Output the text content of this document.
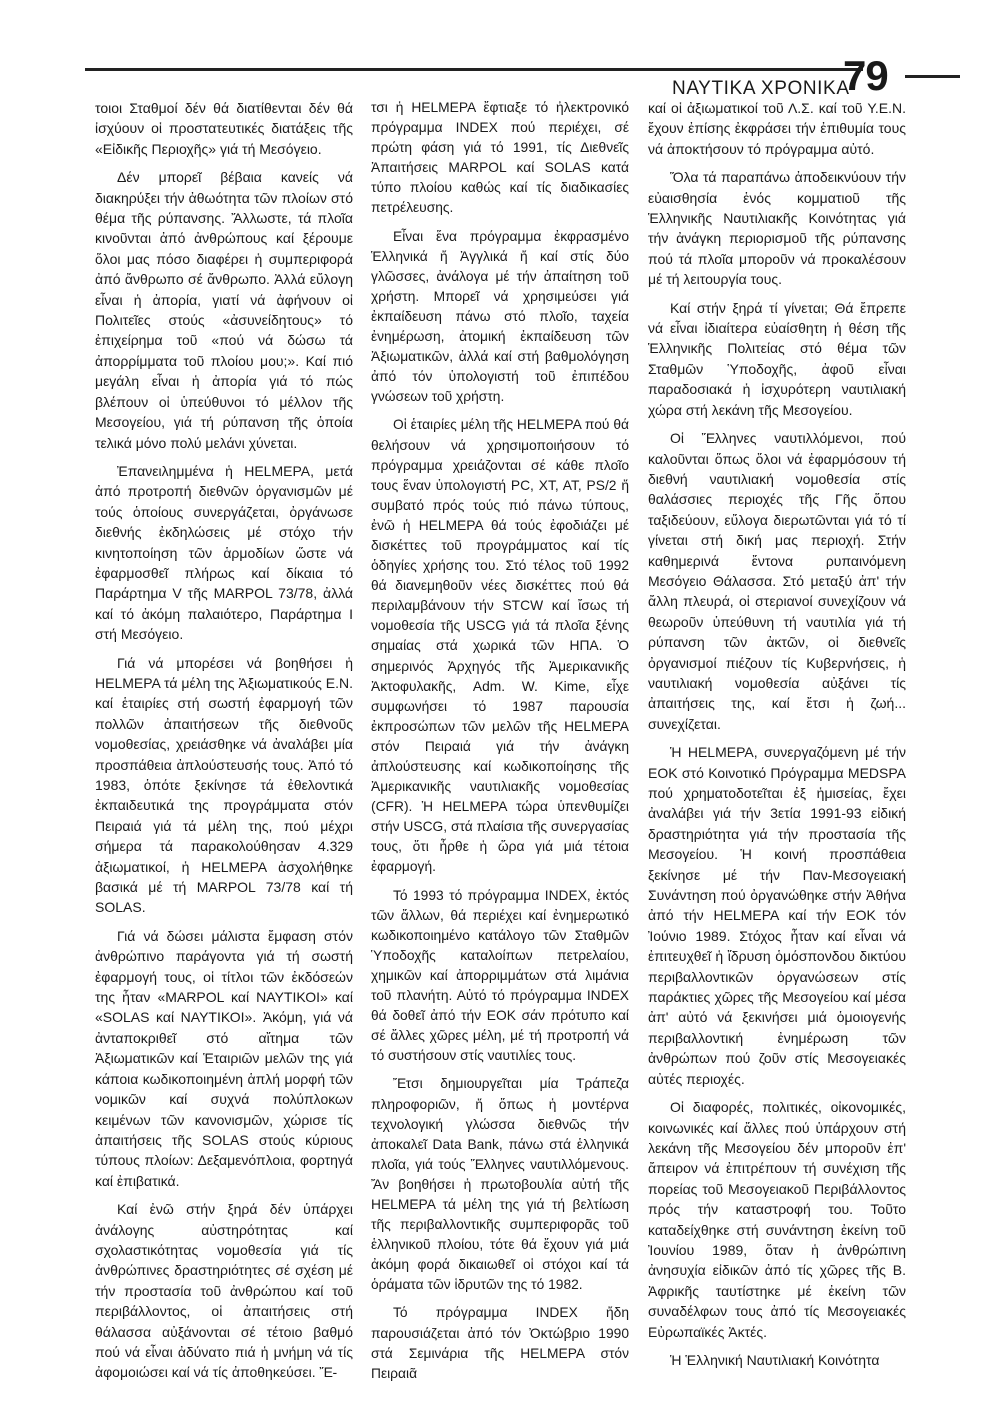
ΝΑΥΤΙΚΑ ΧΡΟΝΙΚΑ
79

τοιοι Σταθμοί δέν θά διατίθενται δέν θά ἰσχύουν οἱ προστατευτικές διατάξεις τῆς «Εἰδικῆς Περιοχῆς» γιά τή Μεσόγειο.

Δέν μπορεῖ βέβαια κανείς νά διακηρύξει τήν ἀθωότητα τῶν πλοίων στό θέμα τῆς ρύπανσης. Ἄλλωστε, τά πλοῖα κινοῦνται ἀπό ἀνθρώπους καί ξέρουμε ὅλοι μας πόσο διαφέρει ἡ συμπεριφορά ἀπό ἄνθρωπο σέ ἄνθρωπο. Ἀλλά εὔλογη εἶναι ἡ ἀπορία, γιατί νά ἀφήνουν οἱ Πολιτεῖες στούς «ἀσυνείδητους» τό ἐπιχείρημα τοῦ «πού νά δώσω τά ἀπορρίμματα τοῦ πλοίου μου;». Καί πιό μεγάλη εἶναι ἡ ἀπορία γιά τό πώς βλέπουν οἱ ὑπεύθυνοι τό μέλλον τῆς Μεσογείου, γιά τή ρύπανση τῆς ὁποία τελικά μόνο πολύ μελάνι χύνεται.

Ἐπανειλημμένα ἡ HELMEPA, μετά ἀπό προτροπή διεθνῶν ὀργανισμῶν μέ τούς ὁποίους συνεργάζεται, ὀργάνωσε διεθνής ἐκδηλώσεις μέ στόχο τήν κινητοποίηση τῶν ἁρμοδίων ὥστε νά ἐφαρμοσθεῖ πλήρως καί δίκαια τό Παράρτημα V τῆς MARPOL 73/78, ἀλλά καί τό ἀκόμη παλαιότερο, Παράρτημα I στή Μεσόγειο.

Γιά νά μπορέσει νά βοηθήσει ἡ HELMEPA τά μέλη της Ἀξιωματικούς Ε.Ν. καί ἑταιρίες στή σωστή ἐφαρμογή τῶν πολλῶν ἀπαιτήσεων τῆς διεθνοῦς νομοθεσίας, χρειάσθηκε νά ἀναλάβει μία προσπάθεια ἀπλούστευσής τους. Ἀπό τό 1983, ὁπότε ξεκίνησε τά ἐθελοντικά ἐκπαιδευτικά της προγράμματα στόν Πειραιά γιά τά μέλη της, πού μέχρι σήμερα τά παρακολούθησαν 4.329 ἀξιωματικοί, ἡ HELMEPA ἀσχολήθηκε βασικά μέ τή MARPOL 73/78 καί τή SOLAS.

Γιά νά δώσει μάλιστα ἔμφαση στόν ἀνθρώπινο παράγοντα γιά τή σωστή ἐφαρμογή τους, οἱ τίτλοι τῶν ἐκδόσεών της ἦταν «MARPOL καί ΝΑΥΤΙΚΟΙ» καί «SOLAS καί ΝΑΥΤΙΚΟΙ». Ἀκόμη, γιά νά ἀνταποκριθεῖ στό αἴτημα τῶν Ἀξιωματικῶν καί Ἑταιριῶν μελῶν της γιά κάποια κωδικοποιημένη ἁπλή μορφή τῶν νομικῶν καί συχνά πολύπλοκων κειμένων τῶν κανονισμῶν, χώρισε τίς ἀπαιτήσεις τῆς SOLAS στούς κύριους τύπους πλοίων: Δεξαμενόπλοια, φορτηγά καί ἐπιβατικά.

Καί ἐνῶ στήν ξηρά δέν ὑπάρχει ἀνάλογης αὐστηρότητας καί σχολαστικότητας νομοθεσία γιά τίς ἀνθρώπινες δραστηριότητες σέ σχέση μέ τήν προστασία τοῦ ἀνθρώπου καί τοῦ περιβάλλοντος, οἱ ἀπαιτήσεις στή θάλασσα αὐξάνονται σέ τέτοιο βαθμό πού νά εἶναι ἀδύνατο πιά ἡ μνήμη νά τίς ἀφομοιώσει καί νά τίς ἀποθηκεύσει. Ἔ-

τσι ἡ HELMEPA ἔφτιαξε τό ἠλεκτρονικό πρόγραμμα INDEX πού περιέχει, σέ πρώτη φάση γιά τό 1991, τίς Διεθνεῖς Ἀπαιτήσεις MARPOL καί SOLAS κατά τύπο πλοίου καθώς καί τίς διαδικασίες πετρέλευσης.

Εἶναι ἕνα πρόγραμμα ἐκφρασμένο Ἑλληνικά ἤ Ἀγγλικά ἤ καί στίς δύο γλῶσσες, ἀνάλογα μέ τήν ἀπαίτηση τοῦ χρήστη. Μπορεῖ νά χρησιμεύσει γιά ἐκπαίδευση πάνω στό πλοῖο, ταχεία ἐνημέρωση, ἀτομική ἐκπαίδευση τῶν Ἀξιωματικῶν, ἀλλά καί στή βαθμολόγηση ἀπό τόν ὑπολογιστή τοῦ ἐπιπέδου γνώσεων τοῦ χρήστη.

Οἱ ἑταιρίες μέλη τῆς HELMEPA πού θά θελήσουν νά χρησιμοποιήσουν τό πρόγραμμα χρειάζονται σέ κάθε πλοῖο τους ἕναν ὑπολογιστή PC, XT, AT, PS/2 ἤ συμβατό πρός τούς πιό πάνω τύπους, ἐνῶ ἡ HELMEPA θά τούς ἐφοδιάζει μέ δισκέττες τοῦ προγράμματος καί τίς ὁδηγίες χρήσης του. Στό τέλος τοῦ 1992 θά διανεμηθοῦν νέες δισκέττες πού θά περιλαμβάνουν τήν STCW καί ἴσως τή νομοθεσία τῆς USCG γιά τά πλοῖα ξένης σημαίας στά χωρικά τῶν ΗΠΑ. Ὁ σημερινός Ἀρχηγός τῆς Ἀμερικανικῆς Ἀκτοφυλακῆς, Adm. W. Kime, εἶχε συμφωνήσει τό 1987 παρουσία ἐκπροσώπων τῶν μελῶν τῆς HELMEPA στόν Πειραιά γιά τήν ἀνάγκη ἀπλούστευσης καί κωδικοποίησης τῆς Ἀμερικανικῆς ναυτιλιακῆς νομοθεσίας (CFR). Ἡ HELMEPA τώρα ὑπενθυμίζει στήν USCG, στά πλαίσια τῆς συνεργασίας τους, ὅτι ἦρθε ἡ ὥρα γιά μιά τέτοια ἐφαρμογή.

Τό 1993 τό πρόγραμμα INDEX, ἐκτός τῶν ἄλλων, θά περιέχει καί ἐνημερωτικό κωδικοποιημένο κατάλογο τῶν Σταθμῶν Ὑποδοχῆς καταλοίπων πετρελαίου, χημικῶν καί ἀπορριμμάτων στά λιμάνια τοῦ πλανήτη. Αὐτό τό πρόγραμμα INDEX θά δοθεῖ ἀπό τήν ΕΟΚ σάν πρότυπο καί σέ ἄλλες χῶρες μέλη, μέ τή προτροπή νά τό συστήσουν στίς ναυτιλίες τους.

Ἔτσι δημιουργεῖται μία Τράπεζα πληροφοριῶν, ἤ ὅπως ἡ μοντέρνα τεχνολογική γλώσσα διεθνῶς τήν ἀποκαλεῖ Data Bank, πάνω στά ἑλληνικά πλοῖα, γιά τούς Ἕλληνες ναυτιλλόμενους. Ἄν βοηθήσει ἡ πρωτοβουλία αὐτή τῆς HELMEPA τά μέλη της γιά τή βελτίωση τῆς περιβαλλοντικῆς συμπεριφορᾶς τοῦ ἑλληνικοῦ πλοίου, τότε θά ἔχουν γιά μιά ἀκόμη φορά δικαιωθεῖ οἱ στόχοι καί τά ὁράματα τῶν ἱδρυτῶν της τό 1982.

Τό πρόγραμμα INDEX ἤδη παρουσιάζεται ἀπό τόν Ὀκτώβριο 1990 στά Σεμινάρια τῆς HELMEPA στόν Πειραιᾶ

καί οἱ ἀξιωματικοί τοῦ Λ.Σ. καί τοῦ Υ.Ε.Ν. ἔχουν ἐπίσης ἐκφράσει τήν ἐπιθυμία τους νά ἀποκτήσουν τό πρόγραμμα αὐτό.

Ὅλα τά παραπάνω ἀποδεικνύουν τήν εὐαισθησία ἑνός κομματιοῦ τῆς Ἑλληνικῆς Ναυτιλιακῆς Κοινότητας γιά τήν ἀνάγκη περιορισμοῦ τῆς ρύπανσης πού τά πλοῖα μποροῦν νά προκαλέσουν μέ τή λειτουργία τους.

Καί στήν ξηρά τί γίνεται; Θά ἔπρεπε νά εἶναι ἰδιαίτερα εὐαίσθητη ἡ θέση τῆς Ἑλληνικῆς Πολιτείας στό θέμα τῶν Σταθμῶν Ὑποδοχῆς, ἀφοῦ εἶναι παραδοσιακά ἡ ἰσχυρότερη ναυτιλιακή χώρα στή λεκάνη τῆς Μεσογείου.

Οἱ Ἕλληνες ναυτιλλόμενοι, πού καλοῦνται ὅπως ὅλοι νά ἐφαρμόσουν τή διεθνή ναυτιλιακή νομοθεσία στίς θαλάσσιες περιοχές τῆς Γῆς ὅπου ταξιδεύουν, εὔλογα διερωτῶνται γιά τό τί γίνεται στή δική μας περιοχή. Στήν καθημερινά ἔντονα ρυπαινόμενη Μεσόγειο Θάλασσα. Στό μεταξύ ἀπ' τήν ἄλλη πλευρά, οἱ στεριανοί συνεχίζουν νά θεωροῦν ὑπεύθυνη τή ναυτιλία γιά τή ρύπανση τῶν ἀκτῶν, οἱ διεθνεῖς ὀργανισμοί πιέζουν τίς Κυβερνήσεις, ἡ ναυτιλιακή νομοθεσία αὐξάνει τίς ἀπαιτήσεις της, καί ἔτσι ἡ ζωή... συνεχίζεται.

Ἡ HELMEPA, συνεργαζόμενη μέ τήν ΕΟΚ στό Κοινοτικό Πρόγραμμα MEDSPA πού χρηματοδοτεῖται ἐξ ἡμισείας, ἔχει ἀναλάβει γιά τήν 3ετία 1991-93 εἰδική δραστηριότητα γιά τήν προστασία τῆς Μεσογείου. Ἡ κοινή προσπάθεια ξεκίνησε μέ τήν Παν-Μεσογειακή Συνάντηση πού ὀργανώθηκε στήν Ἀθήνα ἀπό τήν HELMEPA καί τήν ΕΟΚ τόν Ἰούνιο 1989. Στόχος ἦταν καί εἶναι νά ἐπιτευχθεῖ ἡ ἵδρυση ὁμόσπονδου δικτύου περιβαλλοντικῶν ὀργανώσεων στίς παράκτιες χῶρες τῆς Μεσογείου καί μέσα ἀπ' αὐτό νά ξεκινήσει μιά ὁμοιογενής περιβαλλοντική ἐνημέρωση τῶν ἀνθρώπων πού ζοῦν στίς Μεσογειακές αὐτές περιοχές.

Οἱ διαφορές, πολιτικές, οἰκονομικές, κοινωνικές καί ἄλλες πού ὑπάρχουν στή λεκάνη τῆς Μεσογείου δέν μποροῦν ἐπ' ἄπειρον νά ἐπιτρέπουν τή συνέχιση τῆς πορείας τοῦ Μεσογειακοῦ Περιβάλλοντος πρός τήν καταστροφή του. Τοῦτο καταδείχθηκε στή συνάντηση ἐκείνη τοῦ Ἰουνίου 1989, ὅταν ἡ ἀνθρώπινη ἀνησυχία εἰδικῶν ἀπό τίς χῶρες τῆς Β. Ἀφρικῆς ταυτίστηκε μέ ἐκείνη τῶν συναδέλφων τους ἀπό τίς Μεσογειακές Εὐρωπαϊκές Ἀκτές.

Ἡ Ἑλληνική Ναυτιλιακή Κοινότητα
